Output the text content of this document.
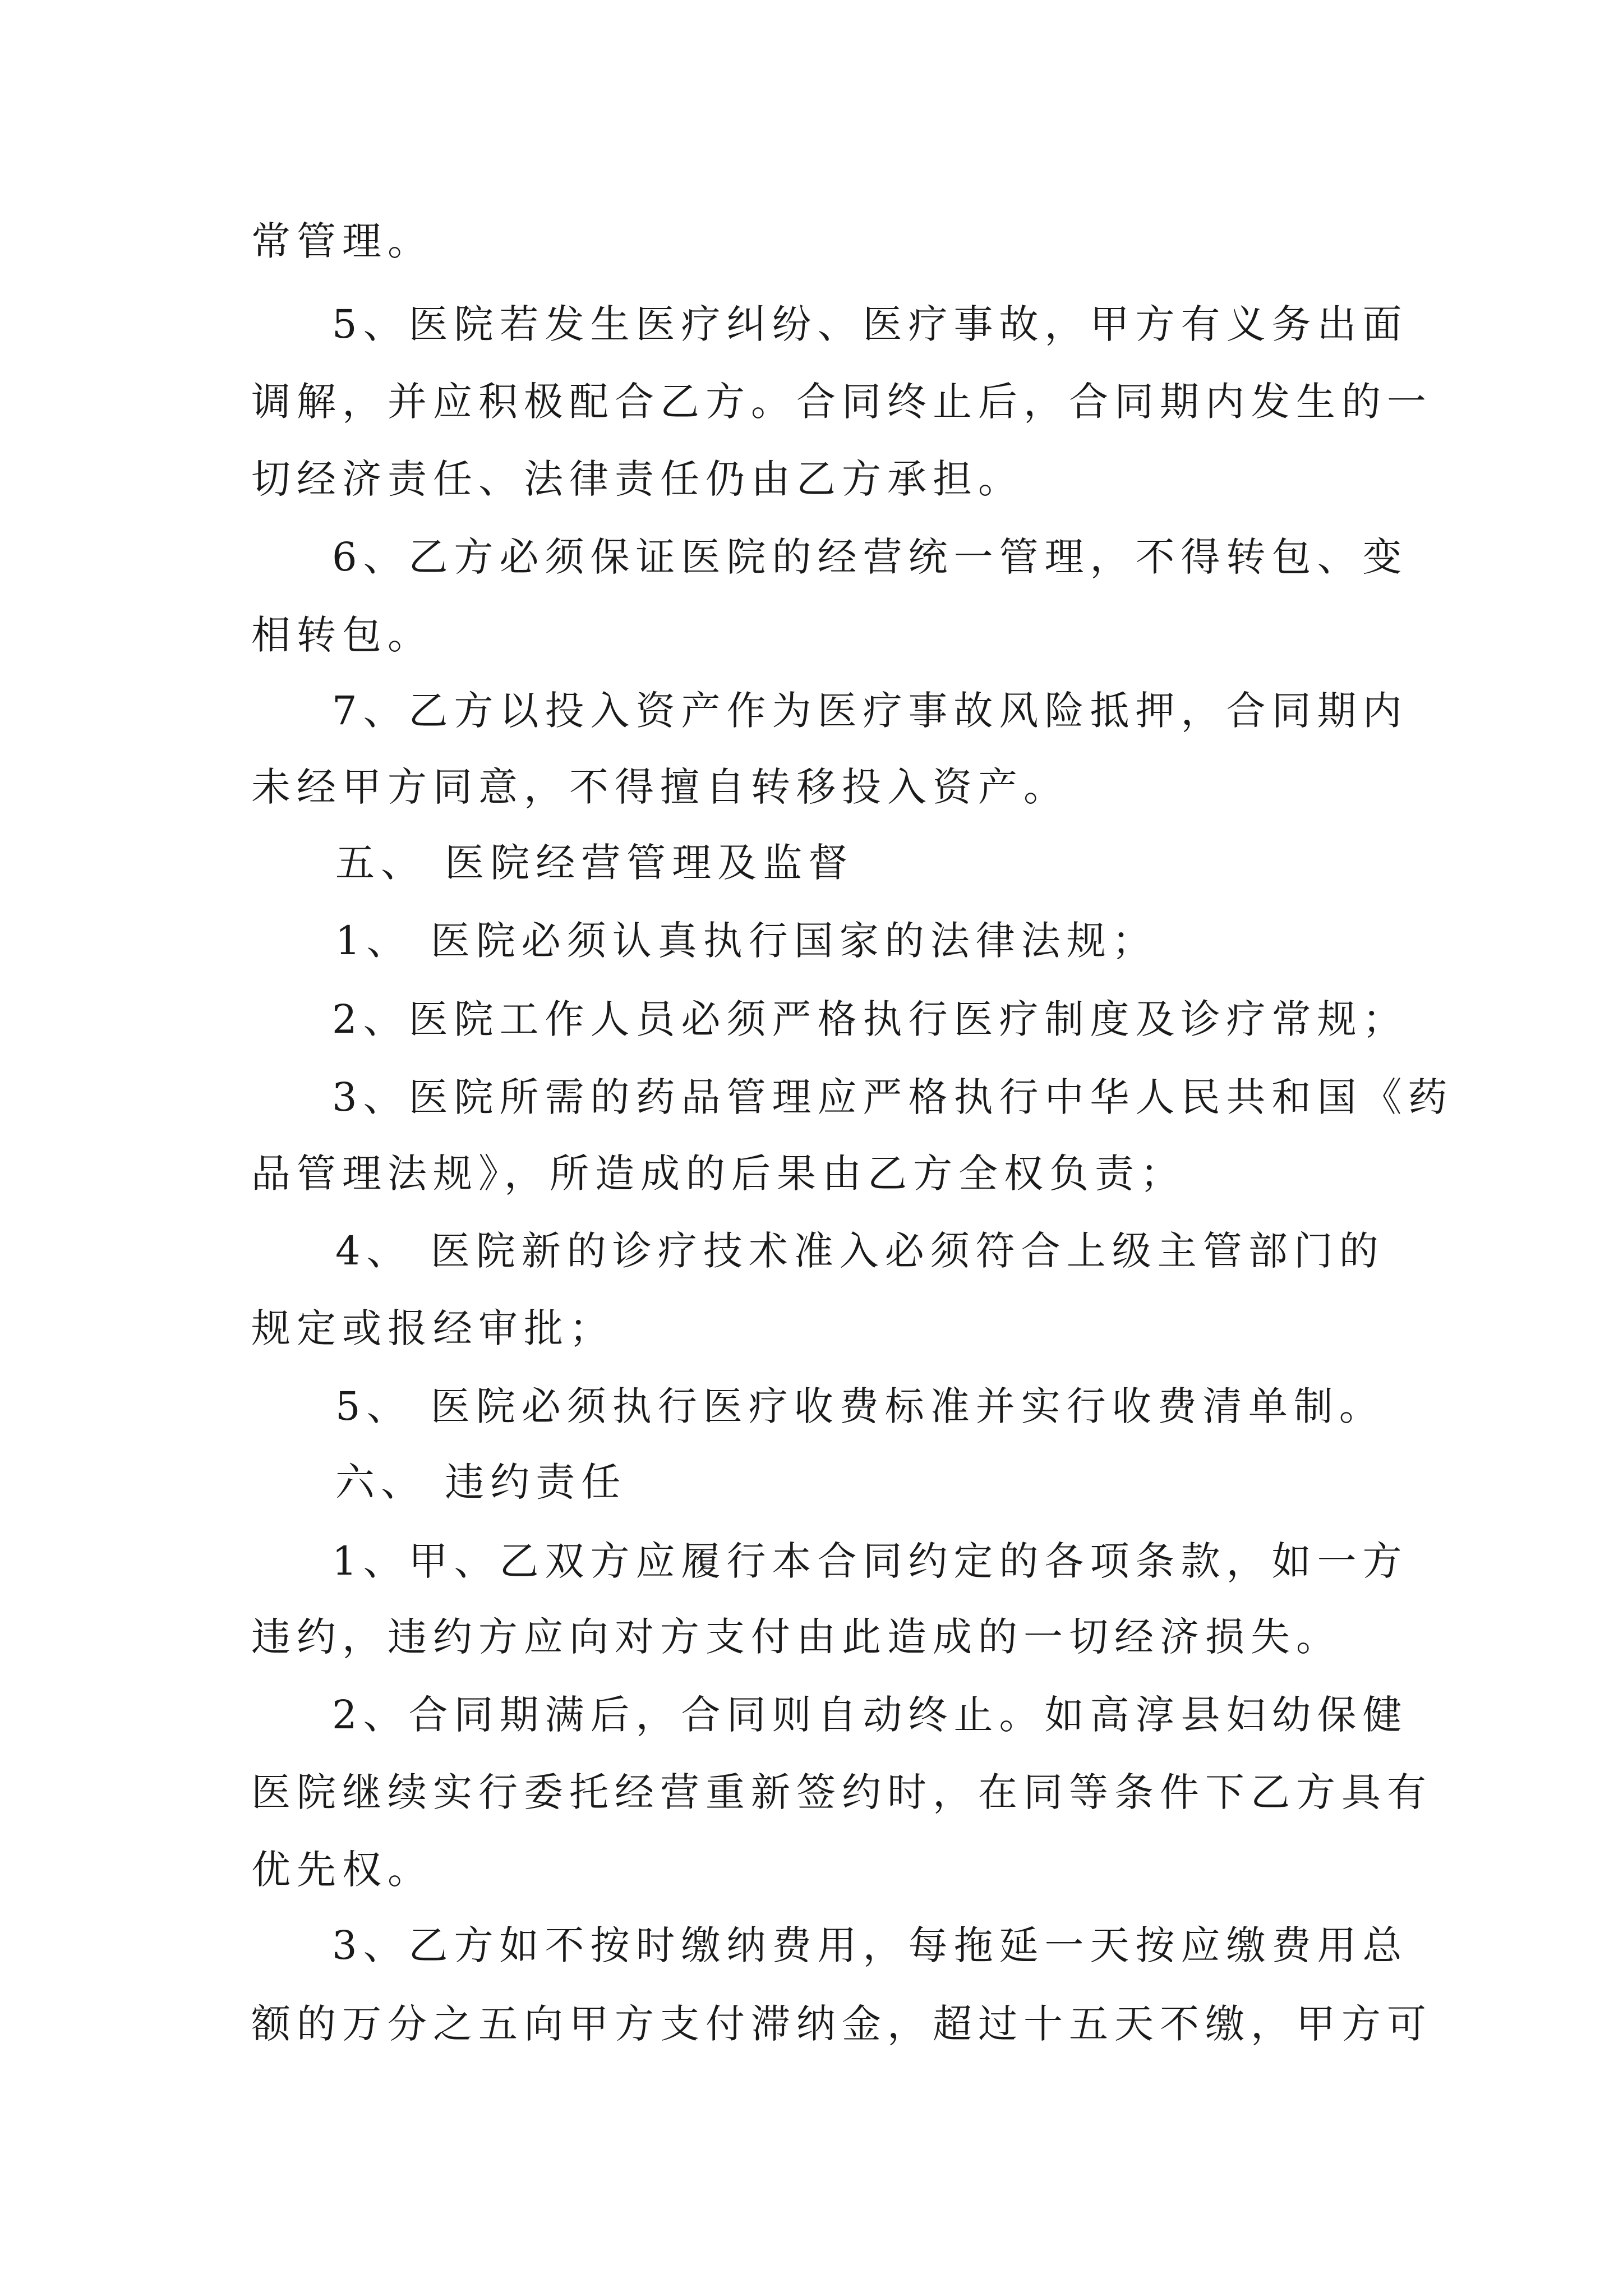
常管理。
5、医院若发生医疗纠纷、医疗事故，甲方有义务出面
调解，并应积极配合乙方。合同终止后，合同期内发生的一
切经济责任、法律责任仍由乙方承担。
6、乙方必须保证医院的经营统一管理，不得转包、变
相转包。
7、乙方以投入资产作为医疗事故风险抵押，合同期内
未经甲方同意，不得擅自转移投入资产。
五、 医院经营管理及监督
1、 医院必须认真执行国家的法律法规；
2、医院工作人员必须严格执行医疗制度及诊疗常规；
3、医院所需的药品管理应严格执行中华人民共和国《药
品管理法规》，所造成的后果由乙方全权负责；
4、 医院新的诊疗技术准入必须符合上级主管部门的
规定或报经审批；
5、 医院必须执行医疗收费标准并实行收费清单制。
六、 违约责任
1、甲、乙双方应履行本合同约定的各项条款，如一方
违约，违约方应向对方支付由此造成的一切经济损失。
2、合同期满后，合同则自动终止。如高淳县妇幼保健
医院继续实行委托经营重新签约时，在同等条件下乙方具有
优先权。
3、乙方如不按时缴纳费用，每拖延一天按应缴费用总
额的万分之五向甲方支付滞纳金，超过十五天不缴，甲方可
